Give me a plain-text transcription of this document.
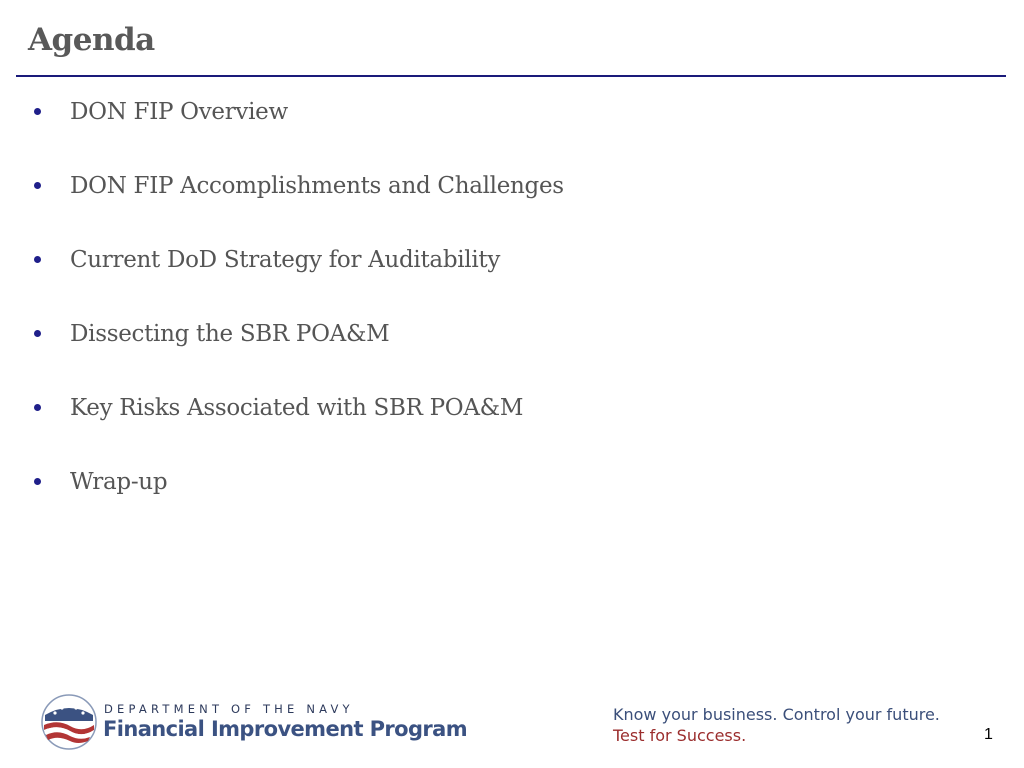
Agenda
DON FIP Overview
DON FIP Accomplishments and Challenges
Current DoD Strategy for Auditability
Dissecting the SBR POA&M
Key Risks Associated with SBR POA&M
Wrap-up
DEPARTMENT OF THE NAVY
Financial Improvement Program
Know your business. Control your future.
Test for Success.	1
